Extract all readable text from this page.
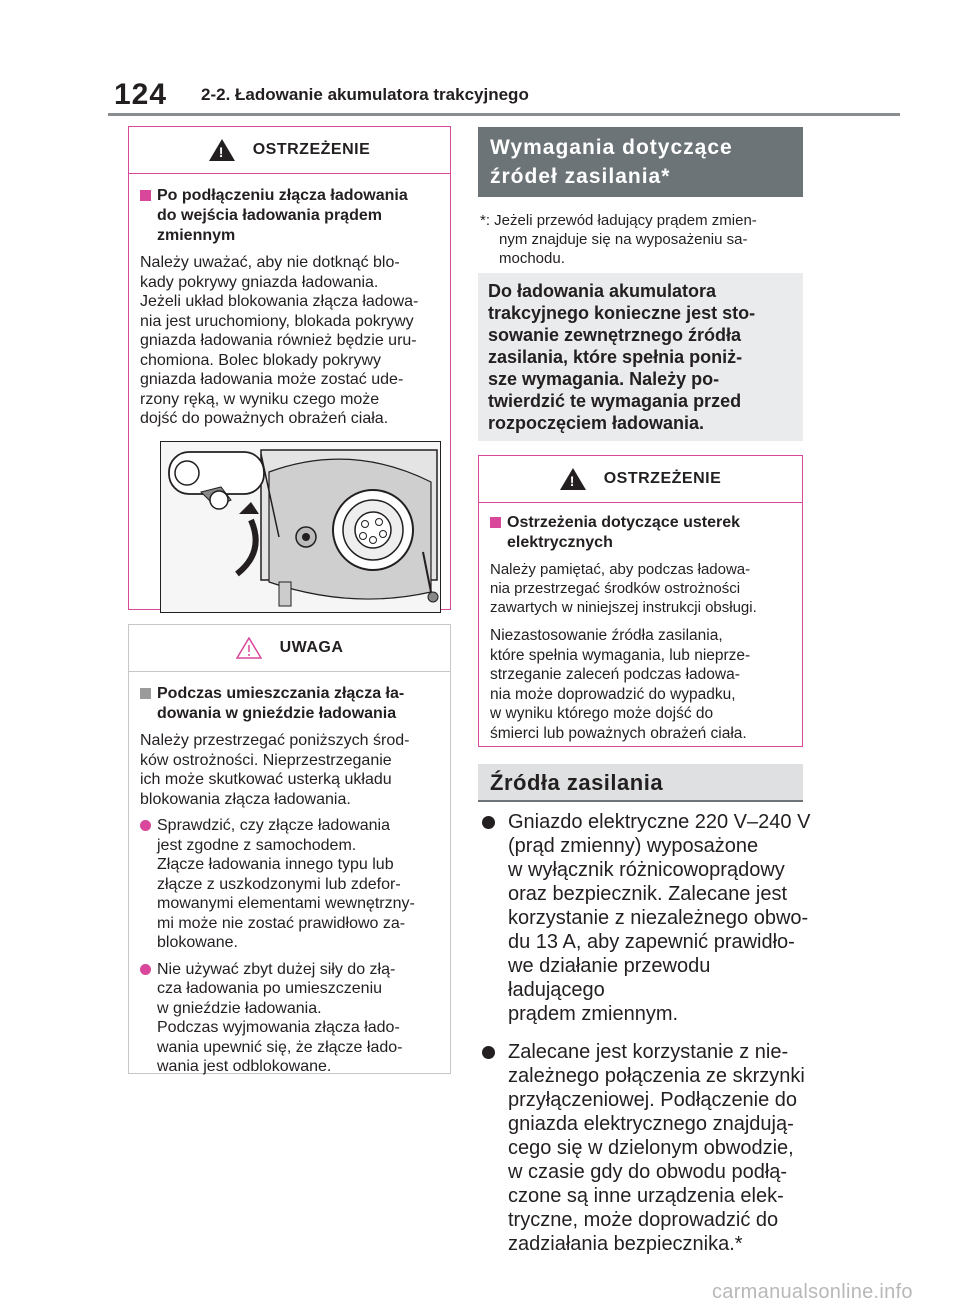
124 2-2. Ładowanie akumulatora trakcyjnego
!
OSTRZEŻENIE
Po podłączeniu złącza ładowania
do wejścia ładowania prądem
zmiennym
Należy uważać, aby nie dotknąć blo-
kady pokrywy gniazda ładowania.
Jeżeli układ blokowania złącza ładowa-
nia jest uruchomiony, blokada pokrywy
gniazda ładowania również będzie uru-
chomiona. Bolec blokady pokrywy
gniazda ładowania może zostać ude-
rzony ręką, w wyniku czego może
dojść do poważnych obrażeń ciała.
UWAGA
Podczas umieszczania złącza ła-
dowania w gnieździe ładowania
Należy przestrzegać poniższych środ-
ków ostrożności. Nieprzestrzeganie
ich może skutkować usterką układu
blokowania złącza ładowania.
Sprawdzić, czy złącze ładowania
jest zgodne z samochodem.
Złącze ładowania innego typu lub
złącze z uszkodzonymi lub zdefor-
mowanymi elementami wewnętrzny-
mi może nie zostać prawidłowo za-
blokowane.
Nie używać zbyt dużej siły do złą-
cza ładowania po umieszczeniu
w gnieździe ładowania.
Podczas wyjmowania złącza łado-
wania upewnić się, że złącze łado-
wania jest odblokowane.
Wymagania dotyczące
źródeł zasilania*
*: Jeżeli przewód ładujący prądem zmien-
nym znajduje się na wyposażeniu sa-
mochodu.
Do ładowania akumulatora
trakcyjnego konieczne jest sto-
sowanie zewnętrznego źródła
zasilania, które spełnia poniż-
sze wymagania. Należy po-
twierdzić te wymagania przed
rozpoczęciem ładowania.
!
OSTRZEŻENIE
Ostrzeżenia dotyczące usterek
elektrycznych
Należy pamiętać, aby podczas ładowa-
nia przestrzegać środków ostrożności
zawartych w niniejszej instrukcji obsługi.
Niezastosowanie źródła zasilania,
które spełnia wymagania, lub nieprze-
strzeganie zaleceń podczas ładowa-
nia może doprowadzić do wypadku,
w wyniku którego może dojść do
śmierci lub poważnych obrażeń ciała.
Źródła zasilania
Gniazdo elektryczne 220 V–240 V
(prąd zmienny) wyposażone
w wyłącznik różnicowoprądowy
oraz bezpiecznik. Zalecane jest
korzystanie z niezależnego obwo-
du 13 A, aby zapewnić prawidło-
we działanie przewodu ładującego
prądem zmiennym.
Zalecane jest korzystanie z nie-
zależnego połączenia ze skrzynki
przyłączeniowej. Podłączenie do
gniazda elektrycznego znajdują-
cego się w dzielonym obwodzie,
w czasie gdy do obwodu podłą-
czone są inne urządzenia elek-
tryczne, może doprowadzić do
zadziałania bezpiecznika.*
carmanualsonline.info
